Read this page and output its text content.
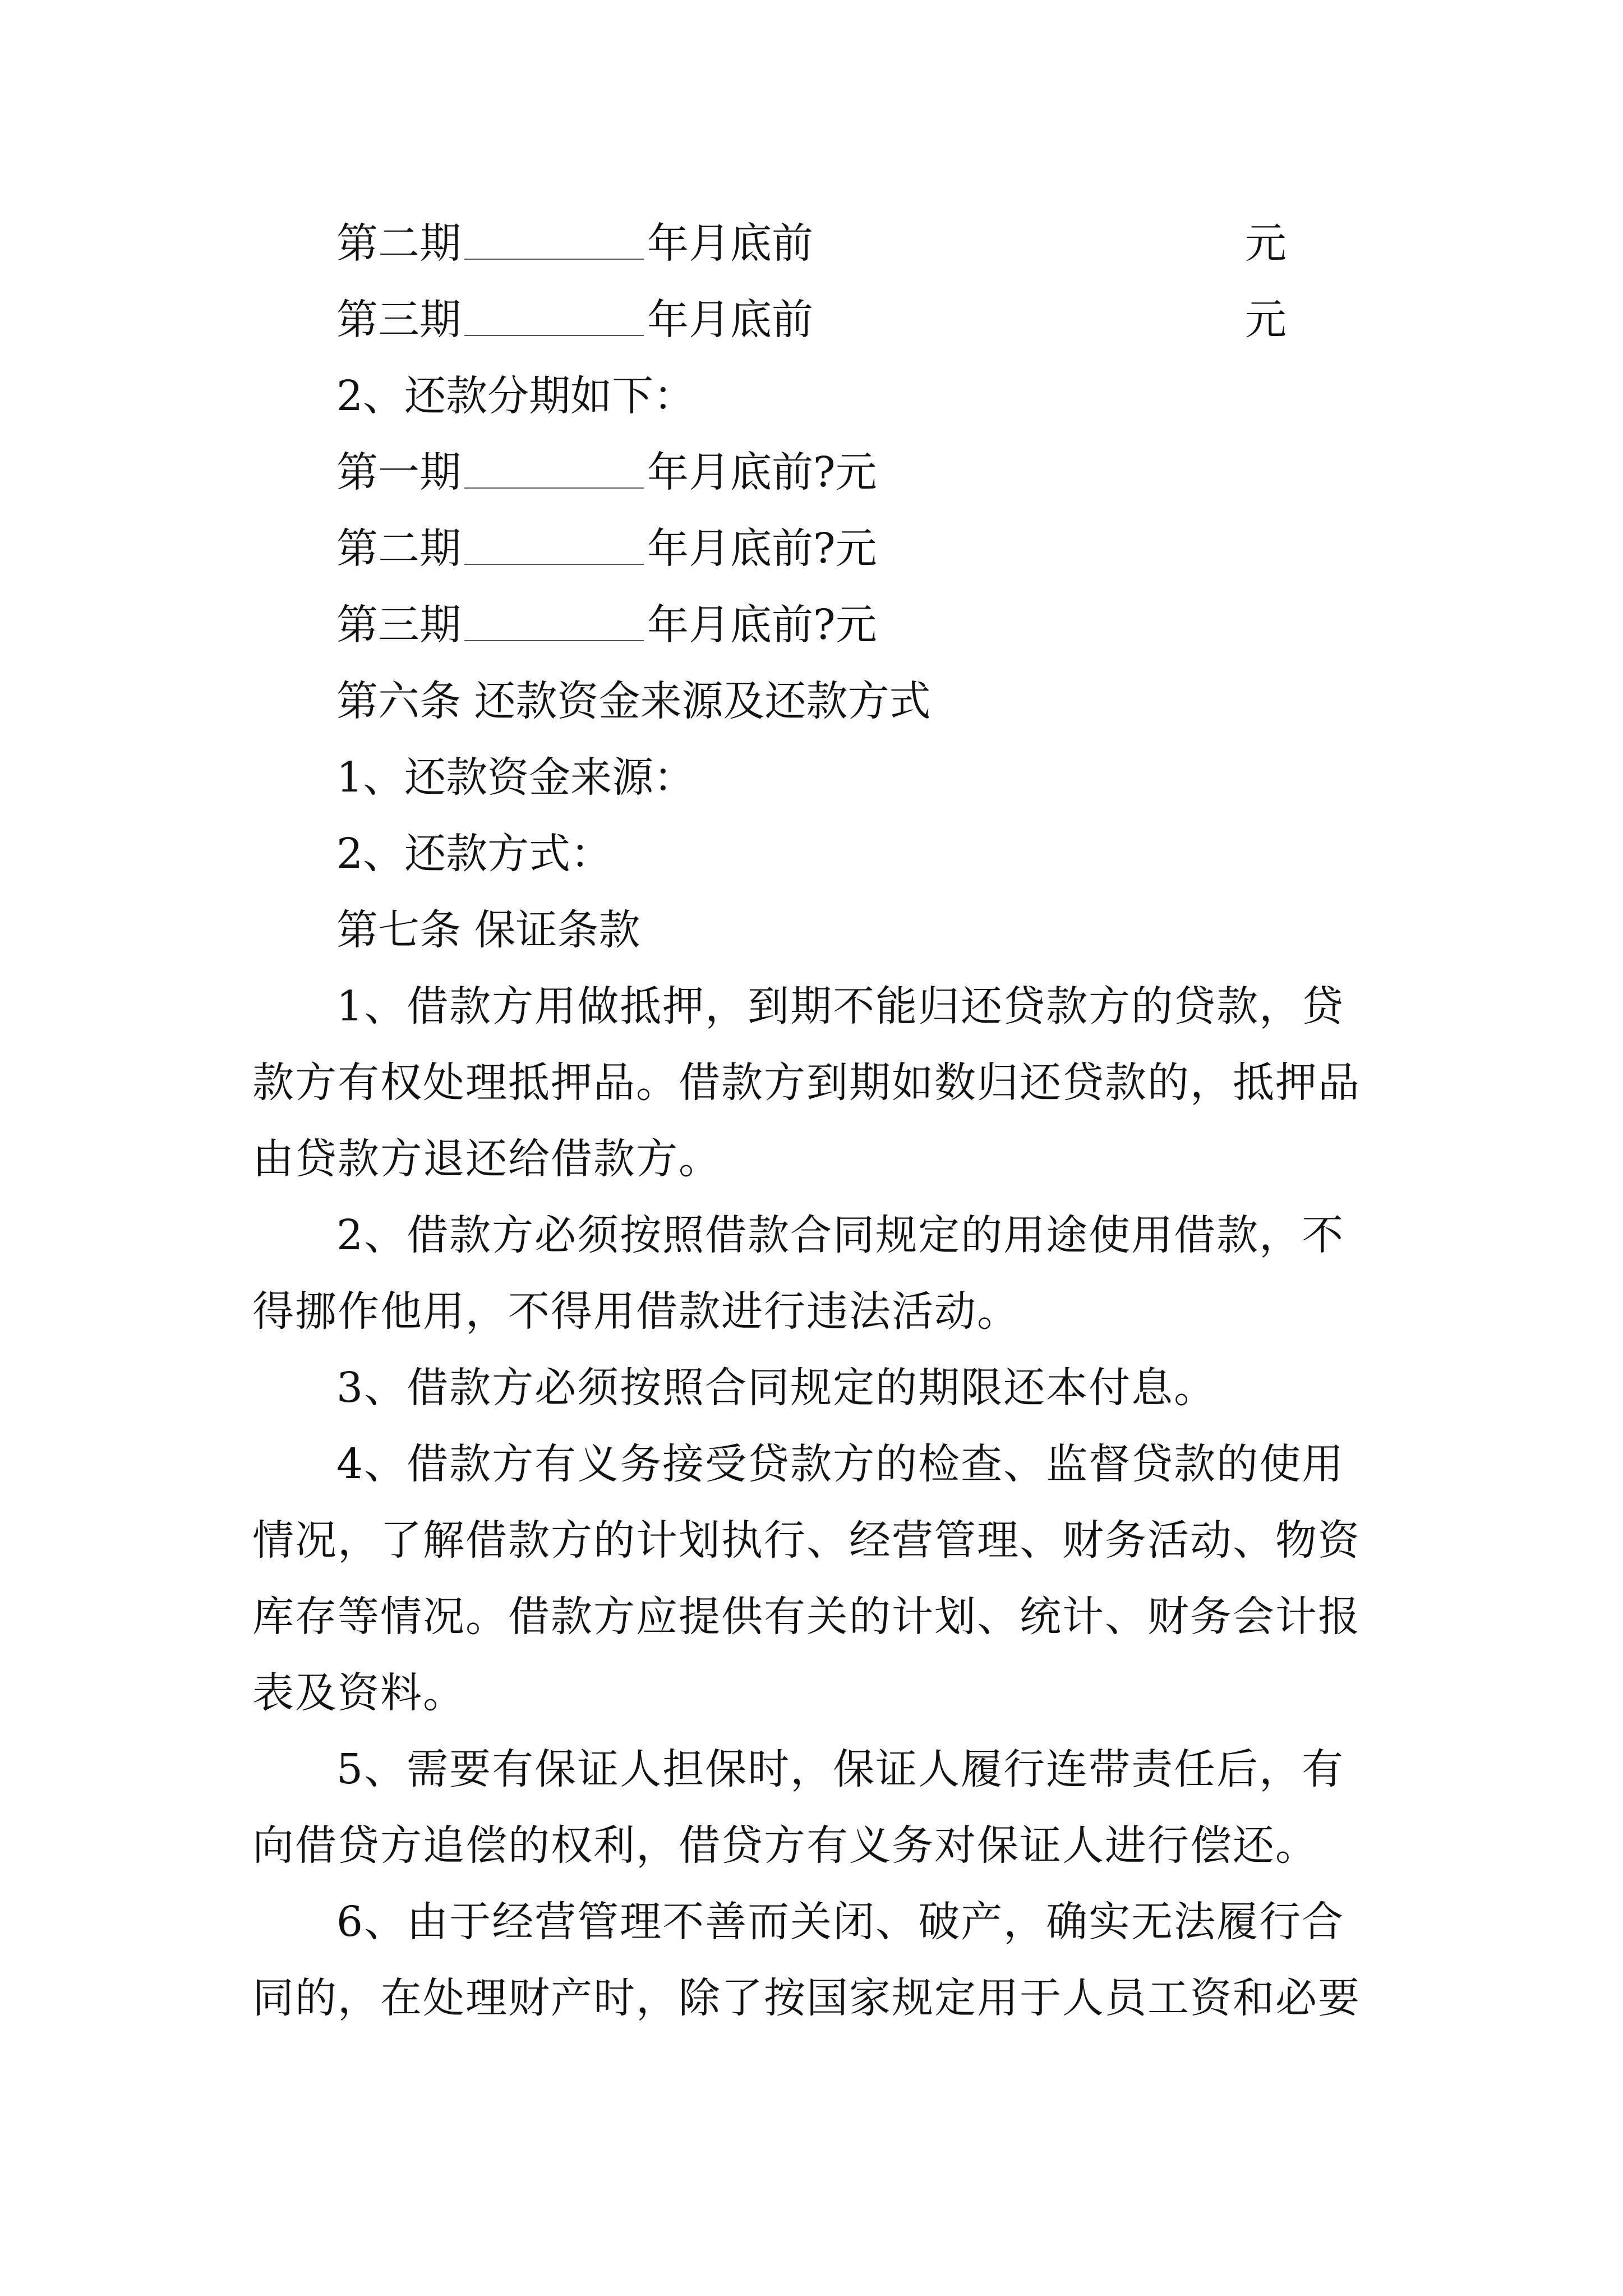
第二期	年月底前	元
第三期	年月底前	元
2、还款分期如下：
第一期	年月底前?元
第二期	年月底前?元
第三期	年月底前?元
第六条 还款资金来源及还款方式
1、还款资金来源：
2、还款方式：
第七条 保证条款
1、借款方用做抵押，到期不能归还贷款方的贷款，贷
款方有权处理抵押品。借款方到期如数归还贷款的，抵押品
由贷款方退还给借款方。
2、借款方必须按照借款合同规定的用途使用借款，不
得挪作他用，不得用借款进行违法活动。
3、借款方必须按照合同规定的期限还本付息。
4、借款方有义务接受贷款方的检查、监督贷款的使用
情况，了解借款方的计划执行、经营管理、财务活动、物资
库存等情况。借款方应提供有关的计划、统计、财务会计报
表及资料。
5、需要有保证人担保时，保证人履行连带责任后，有
向借贷方追偿的权利，借贷方有义务对保证人进行偿还。
6、由于经营管理不善而关闭、破产，确实无法履行合
同的，在处理财产时，除了按国家规定用于人员工资和必要
